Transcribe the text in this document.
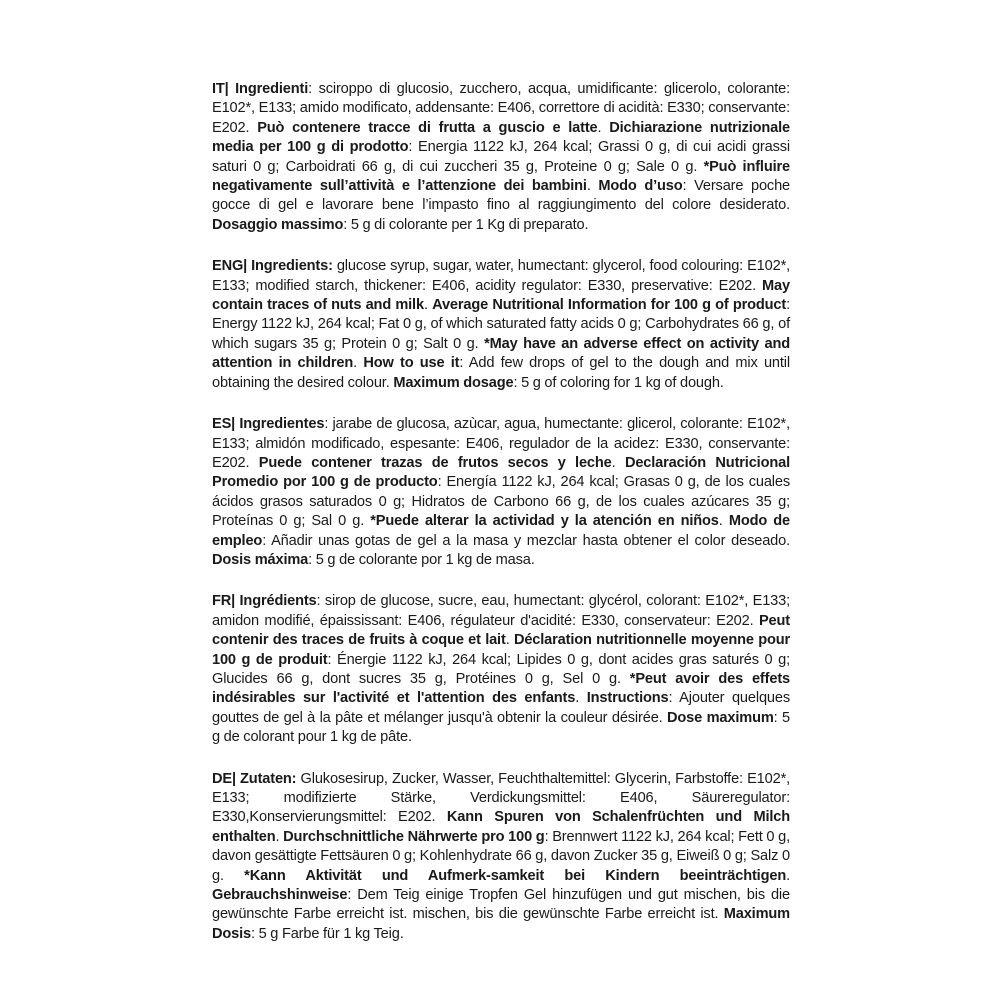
IT| Ingredienti: sciroppo di glucosio, zucchero, acqua, umidificante: glicerolo, colorante: E102*, E133; amido modificato, addensante: E406, correttore di acidità: E330; conservante: E202. Può contenere tracce di frutta a guscio e latte. Dichiarazione nutrizionale media per 100 g di prodotto: Energia 1122 kJ, 264 kcal; Grassi 0 g, di cui acidi grassi saturi 0 g; Carboidrati 66 g, di cui zuccheri 35 g, Proteine 0 g; Sale 0 g. *Può influire negativamente sull’attività e l’attenzione dei bambini. Modo d’uso: Versare poche gocce di gel e lavorare bene l’impasto fino al raggiungimento del colore desiderato. Dosaggio massimo: 5 g di colorante per 1 Kg di preparato.

ENG| Ingredients: glucose syrup, sugar, water, humectant: glycerol, food colouring: E102*, E133; modified starch, thickener: E406, acidity regulator: E330, preservative: E202. May contain traces of nuts and milk. Average Nutritional Information for 100 g of product: Energy 1122 kJ, 264 kcal; Fat 0 g, of which saturated fatty acids 0 g; Carbohydrates 66 g, of which sugars 35 g; Protein 0 g; Salt 0 g. *May have an adverse effect on activity and attention in children. How to use it: Add few drops of gel to the dough and mix until obtaining the desired colour. Maximum dosage: 5 g of coloring for 1 kg of dough.

ES| Ingredientes: jarabe de glucosa, azùcar, agua, humectante: glicerol, colorante: E102*, E133; almidón modificado, espesante: E406, regulador de la acidez: E330, conservante: E202. Puede contener trazas de frutos secos y leche. Declaración Nutricional Promedio por 100 g de producto: Energía 1122 kJ, 264 kcal; Grasas 0 g, de los cuales ácidos grasos saturados 0 g; Hidratos de Carbono 66 g, de los cuales azúcares 35 g; Proteínas 0 g; Sal 0 g. *Puede alterar la actividad y la atención en niños. Modo de empleo: Añadir unas gotas de gel a la masa y mezclar hasta obtener el color deseado. Dosis máxima: 5 g de colorante por 1 kg de masa.

FR| Ingrédients: sirop de glucose, sucre, eau, humectant: glycérol, colorant: E102*, E133; amidon modifié, épaississant: E406, régulateur d'acidité: E330, conservateur: E202. Peut contenir des traces de fruits à coque et lait. Déclaration nutritionnelle moyenne pour 100 g de produit: Énergie 1122 kJ, 264 kcal; Lipides 0 g, dont acides gras saturés 0 g; Glucides 66 g, dont sucres 35 g, Protéines 0 g, Sel 0 g. *Peut avoir des effets indésirables sur l'activité et l'attention des enfants. Instructions: Ajouter quelques gouttes de gel à la pâte et mélanger jusqu'à obtenir la couleur désirée. Dose maximum: 5 g de colorant pour 1 kg de pâte.

DE| Zutaten: Glukosesirup, Zucker, Wasser, Feuchthaltemittel: Glycerin, Farbstoffe: E102*, E133; modifizierte Stärke, Verdickungsmittel: E406, Säureregulator: E330,Konservierungsmittel: E202. Kann Spuren von Schalenfrüchten und Milch enthalten. Durchschnittliche Nährwerte pro 100 g: Brennwert 1122 kJ, 264 kcal; Fett 0 g, davon gesättigte Fettsäuren 0 g; Kohlenhydrate 66 g, davon Zucker 35 g, Eiweiß 0 g; Salz 0 g. *Kann Aktivität und Aufmerk-samkeit bei Kindern beeinträchtigen. Gebrauchshinweise: Dem Teig einige Tropfen Gel hinzufügen und gut mischen, bis die gewünschte Farbe erreicht ist. mischen, bis die gewünschte Farbe erreicht ist. Maximum Dosis: 5 g Farbe für 1 kg Teig.
